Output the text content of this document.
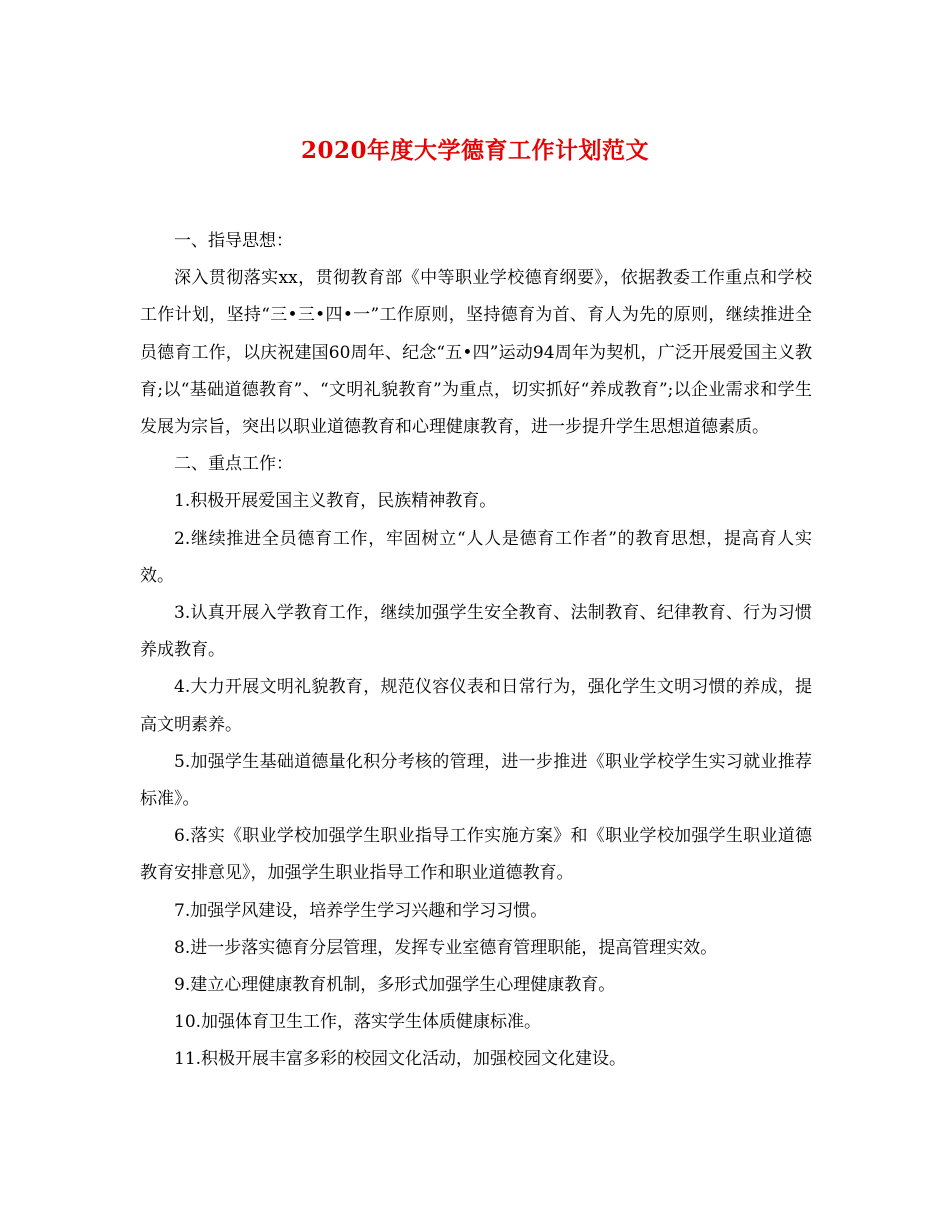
2020年度大学德育工作计划范文

一、指导思想：

深入贯彻落实xx，贯彻教育部《中等职业学校德育纲要》，依据教委工作重点和学校工作计划，坚持“三•三•四•一”工作原则，坚持德育为首、育人为先的原则，继续推进全员德育工作，以庆祝建国60周年、纪念“五•四”运动94周年为契机，广泛开展爱国主义教育;以“基础道德教育”、“文明礼貌教育”为重点，切实抓好“养成教育”;以企业需求和学生发展为宗旨，突出以职业道德教育和心理健康教育，进一步提升学生思想道德素质。

二、重点工作：

1.积极开展爱国主义教育，民族精神教育。

2.继续推进全员德育工作，牢固树立“人人是德育工作者”的教育思想，提高育人实效。

3.认真开展入学教育工作，继续加强学生安全教育、法制教育、纪律教育、行为习惯养成教育。

4.大力开展文明礼貌教育，规范仪容仪表和日常行为，强化学生文明习惯的养成，提高文明素养。

5.加强学生基础道德量化积分考核的管理，进一步推进《职业学校学生实习就业推荐标准》。

6.落实《职业学校加强学生职业指导工作实施方案》和《职业学校加强学生职业道德教育安排意见》，加强学生职业指导工作和职业道德教育。

7.加强学风建设，培养学生学习兴趣和学习习惯。

8.进一步落实德育分层管理，发挥专业室德育管理职能，提高管理实效。

9.建立心理健康教育机制，多形式加强学生心理健康教育。

10.加强体育卫生工作，落实学生体质健康标准。

11.积极开展丰富多彩的校园文化活动，加强校园文化建设。
